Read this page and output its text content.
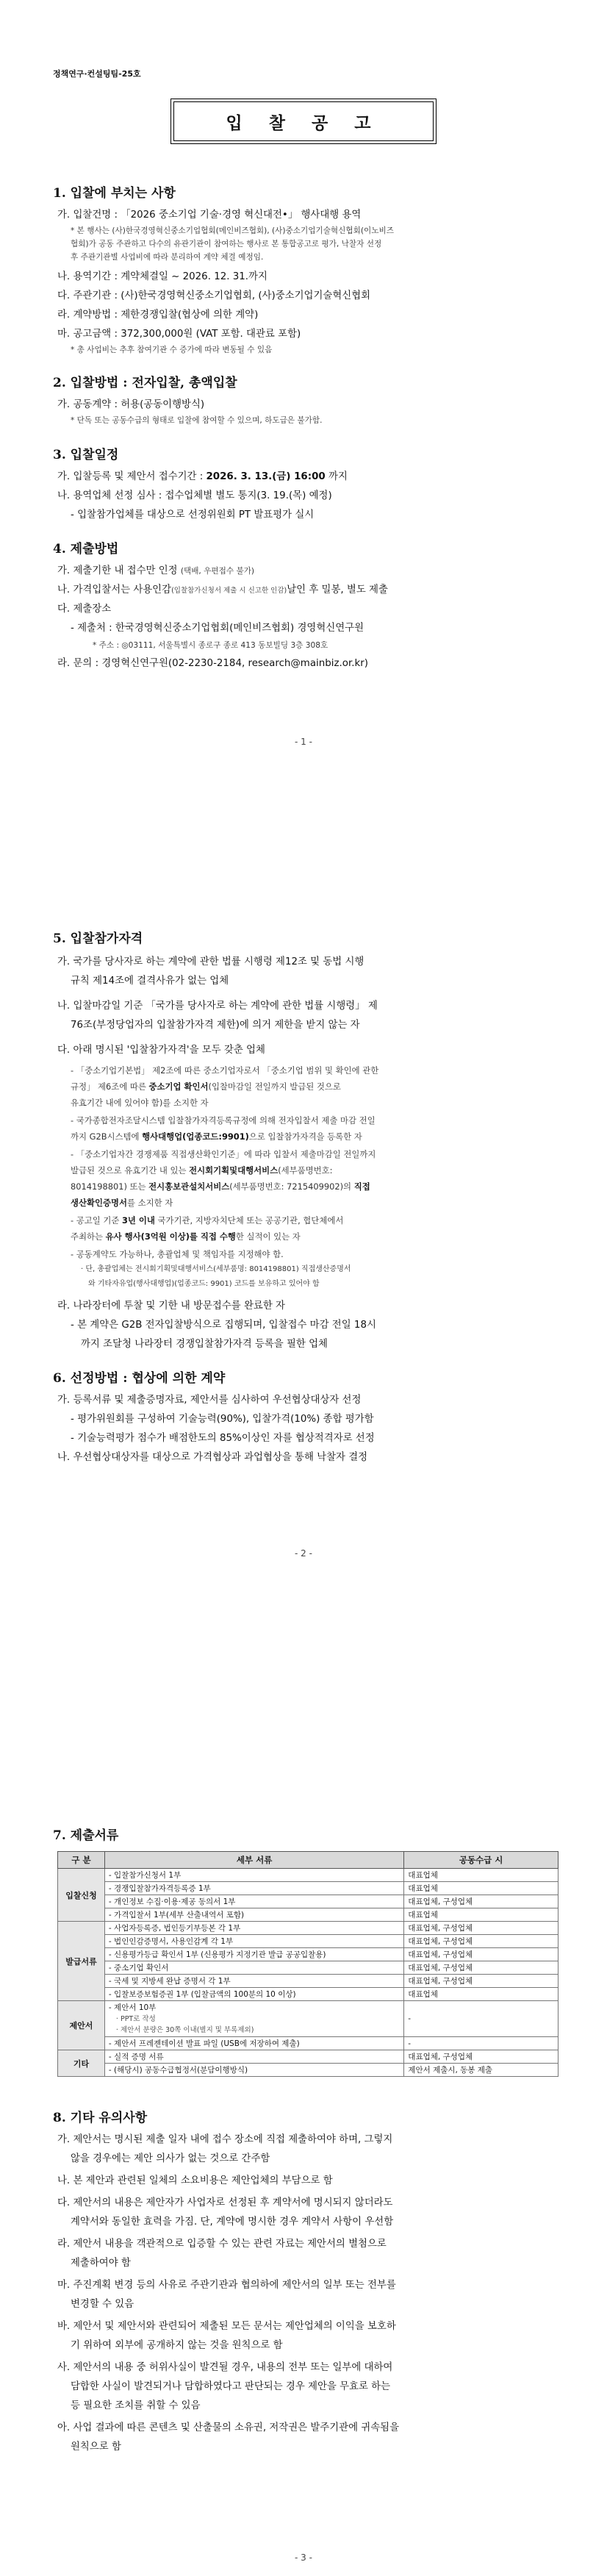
정책연구·컨설팅팀-25호
입 찰 공 고
1. 입찰에 부치는 사항
가. 입찰건명 : 「2026 중소기업 기술·경영 혁신대전•」 행사대행 용역
* 본 행사는 (사)한국경영혁신중소기업협회(메인비즈협회), (사)중소기업기술혁신협회(이노비즈
협회)가 공동 주관하고 다수의 유관기관이 참여하는 행사로 본 통합공고로 평가, 낙찰자 선정
후 주관기관별 사업비에 따라 분리하여 계약 체결 예정임.
나. 용역기간 : 계약체결일 ~ 2026. 12. 31.까지
다. 주관기관 : (사)한국경영혁신중소기업협회, (사)중소기업기술혁신협회
라. 계약방법 : 제한경쟁입찰(협상에 의한 계약)
마. 공고금액 : 372,300,000원 (VAT 포함. 대관료 포함)
* 총 사업비는 추후 참여기관 수 증가에 따라 변동될 수 있음
2. 입찰방법 : 전자입찰, 총액입찰
가. 공동계약 : 허용(공동이행방식)
* 단독 또는 공동수급의 형태로 입찰에 참여할 수 있으며, 하도급은 불가함.
3. 입찰일정
가. 입찰등록 및 제안서 접수기간 : 2026. 3. 13.(금) 16:00 까지
나. 용역업체 선정 심사 : 접수업체별 별도 통지(3. 19.(목) 예정)
- 입찰참가업체를 대상으로 선정위원회 PT 발표평가 실시
4. 제출방법
가. 제출기한 내 접수만 인정 (택배, 우편접수 불가)
나. 가격입찰서는 사용인감(입찰참가신청서 제출 시 신고한 인감)날인 후 밀봉, 별도 제출
다. 제출장소
- 제출처 : 한국경영혁신중소기업협회(메인비즈협회) 경영혁신연구원
* 주소 : ◎03111, 서울특별시 종로구 종로 413 동보빌딩 3층 308호
라. 문의 : 경영혁신연구원(02-2230-2184, research@mainbiz.or.kr)
- 1 -
5. 입찰참가자격
가. 국가를 당사자로 하는 계약에 관한 법률 시행령 제12조 및 동법 시행
규칙 제14조에 결격사유가 없는 업체
나. 입찰마감일 기준 「국가를 당사자로 하는 계약에 관한 법률 시행령」 제
76조(부정당업자의 입찰참가자격 제한)에 의거 제한을 받지 않는 자
다. 아래 명시된 '입찰참가자격'을 모두 갖춘 업체
- 「중소기업기본법」 제2조에 따른 중소기업자로서 「중소기업 범위 및 확인에 관한
규정」 제6조에 따른 중소기업 확인서(입찰마감일 전일까지 발급된 것으로
유효기간 내에 있어야 함)를 소지한 자
- 국가종합전자조달시스템 입찰참가자격등록규정에 의해 전자입찰서 제출 마감 전일
까지 G2B시스템에 행사대행업(업종코드:9901)으로 입찰참가자격을 등록한 자
- 「중소기업자간 경쟁제품 직접생산확인기준」에 따라 입찰서 제출마감일 전일까지
발급된 것으로 유효기간 내 있는 전시회기획및대행서비스(세부품명번호:
8014198801) 또는 전시홍보관설치서비스(세부품명번호: 7215409902)의 직접
생산확인증명서를 소지한 자
- 공고일 기준 3년 이내 국가기관, 지방자치단체 또는 공공기관, 협단체에서
주최하는 유사 행사(3억원 이상)를 직접 수행한 실적이 있는 자
- 공동계약도 가능하나, 총괄업체 및 책임자를 지정해야 함.
· 단, 총괄업체는 전시회기획및대행서비스(세부품명: 8014198801) 직접생산증명서
와 기타자유업(행사대행업)(업종코드: 9901) 코드를 보유하고 있어야 함
라. 나라장터에 투찰 및 기한 내 방문접수를 완료한 자
- 본 계약은 G2B 전자입찰방식으로 집행되며, 입찰접수 마감 전일 18시
까지 조달청 나라장터 경쟁입찰참가자격 등록을 필한 업체
6. 선정방법 : 협상에 의한 계약
가. 등록서류 및 제출증명자료, 제안서를 심사하여 우선협상대상자 선정
- 평가위원회를 구성하여 기술능력(90%), 입찰가격(10%) 종합 평가함
- 기술능력평가 점수가 배점한도의 85%이상인 자를 협상적격자로 선정
나. 우선협상대상자를 대상으로 가격협상과 과업협상을 통해 낙찰자 결정
- 2 -
7. 제출서류
구 분	세부 서류	공동수급 시
입찰신청	- 입찰참가신청서 1부	대표업체
	- 경쟁입찰참가자격등록증 1부	대표업체
	- 개인정보 수집·이용·제공 동의서 1부	대표업체, 구성업체
	- 가격입찰서 1부(세부 산출내역서 포함)	대표업체
발급서류	- 사업자등록증, 법인등기부등본 각 1부	대표업체, 구성업체
	- 법인인감증명서, 사용인감계 각 1부	대표업체, 구성업체
	- 신용평가등급 확인서 1부 (신용평가 지정기관 발급 공공입찰용)	대표업체, 구성업체
	- 중소기업 확인서	대표업체, 구성업체
	- 국세 및 지방세 완납 증명서 각 1부	대표업체, 구성업체
	- 입찰보증보험증권 1부 (입찰금액의 100분의 10 이상)	대표업체
제안서	- 제안서 10부
· PPT로 작성
· 제안서 분량은 30쪽 이내(별지 및 부록제외)	-
	- 제안서 프레젠테이션 발표 파일 (USB에 저장하여 제출)	-
기타	- 실적 증명 서류	대표업체, 구성업체
	- (해당시) 공동수급협정서(분담이행방식)	제안서 제출시, 동봉 제출
8. 기타 유의사항
가. 제안서는 명시된 제출 일자 내에 접수 장소에 직접 제출하여야 하며, 그렇지
않을 경우에는 제안 의사가 없는 것으로 간주함
나. 본 제안과 관련된 일체의 소요비용은 제안업체의 부담으로 함
다. 제안서의 내용은 제안자가 사업자로 선정된 후 계약서에 명시되지 않더라도
계약서와 동일한 효력을 가짐. 단, 계약에 명시한 경우 계약서 사항이 우선함
라. 제안서 내용을 객관적으로 입증할 수 있는 관련 자료는 제안서의 별첨으로
제출하여야 함
마. 주진계획 변경 등의 사유로 주관기관과 협의하에 제안서의 일부 또는 전부를
변경할 수 있음
바. 제안서 및 제안서와 관련되어 제출된 모든 문서는 제안업체의 이익을 보호하
기 위하여 외부에 공개하지 않는 것을 원칙으로 함
사. 제안서의 내용 중 허위사실이 발견될 경우, 내용의 전부 또는 일부에 대하여
담합한 사실이 발견되거나 담합하였다고 판단되는 경우 제안을 무효로 하는
등 필요한 조치를 취할 수 있음
아. 사업 결과에 따른 콘텐츠 및 산출물의 소유권, 저작권은 발주기관에 귀속됨을
원칙으로 함
- 3 -
